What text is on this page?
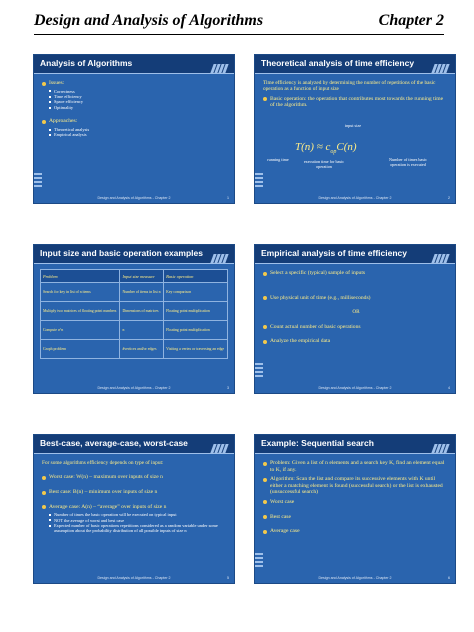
Design and Analysis of Algorithms	Chapter 2
Analysis of Algorithms
Issues:
Correctness
Time efficiency
Space efficiency
Optimality
Approaches:
Theoretical analysis
Empirical analysis
Design and Analysis of Algorithms - Chapter 2	1
Theoretical analysis of time efficiency
Time efficiency is analyzed by determining the number of repetitions of the basic operation as a function of input size
Basic operation: the operation that contributes most towards the running time of the algorithm.
input size
$T(n) \approx c_{op}C(n)$
running time	execution time for basic operation
Number of times basic operation is executed
Design and Analysis of Algorithms - Chapter 2	2
Input size and basic operation examples
Problem	Input size measure	Basic operation
Search for key in list of n items	Number of items in list n	Key comparison
Multiply two matrices of floating point numbers	Dimensions of matrices	Floating point multiplication
Compute a^n	n	Floating point multiplication
Graph problem	#vertices and/or edges	Visiting a vertex or traversing an edge
Design and Analysis of Algorithms - Chapter 2	3
Empirical analysis of time efficiency
Select a specific (typical) sample of inputs
Use physical unit of time (e.g., milliseconds)
OR
Count actual number of basic operations
Analyze the empirical data
Design and Analysis of Algorithms - Chapter 2	4
Best-case, average-case, worst-case
For some algorithms efficiency depends on type of input:
Worst case: W(n) – maximum over inputs of size n
Best case: B(n) – minimum over inputs of size n
Average case: A(n) – “average” over inputs of size n
Number of times the basic operation will be executed on typical input
NOT the average of worst and best case
Expected number of basic operations repetitions considered as a random variable under some assumption about the probability distribution of all possible inputs of size n
Design and Analysis of Algorithms - Chapter 2	5
Example: Sequential search
Problem: Given a list of n elements and a search key K, find an element equal to K, if any.
Algorithm: Scan the list and compare its successive elements with K until either a matching element is found (successful search) or the list is exhausted (unsuccessful search)
Worst case
Best case
Average case
Design and Analysis of Algorithms - Chapter 2	6
